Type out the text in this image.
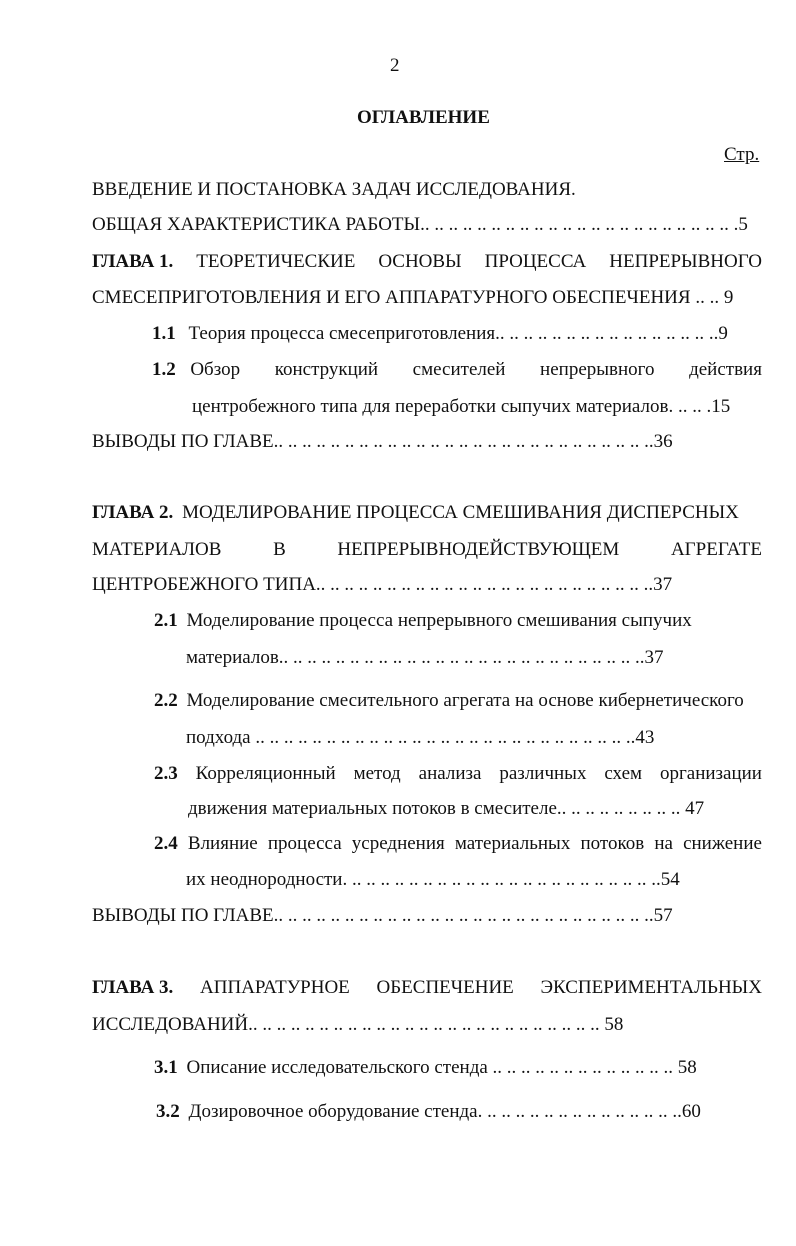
2
ОГЛАВЛЕНИЕ
Стр.
ВВЕДЕНИЕ И ПОСТАНОВКА ЗАДАЧ ИССЛЕДОВАНИЯ.
ОБЩАЯ ХАРАКТЕРИСТИКА РАБОТЫ.. .. .. .. .. .. .. .. .. .. .. .. .. .. .. .. .. .. .. .. .. .. .5
ГЛАВА 1. ТЕОРЕТИЧЕСКИЕ ОСНОВЫ ПРОЦЕССА НЕПРЕРЫВНОГО
СМЕСЕПРИГОТОВЛЕНИЯ И ЕГО АППАРАТУРНОГО ОБЕСПЕЧЕНИЯ .. .. 9
1.1 Теория процесса смесеприготовления.. .. .. .. .. .. .. .. .. .. .. .. .. .. .. ..9
1.2 Обзор конструкций смесителей непрерывного действия
центробежного типа для переработки сыпучих материалов. .. .. .15
ВЫВОДЫ ПО ГЛАВЕ.. .. .. .. .. .. .. .. .. .. .. .. .. .. .. .. .. .. .. .. .. .. .. .. .. .. ..36
ГЛАВА 2. МОДЕЛИРОВАНИЕ ПРОЦЕССА СМЕШИВАНИЯ ДИСПЕРСНЫХ
МАТЕРИАЛОВ	В	НЕПРЕРЫВНОДЕЙСТВУЮЩЕМ	АГРЕГАТЕ
ЦЕНТРОБЕЖНОГО ТИПА.. .. .. .. .. .. .. .. .. .. .. .. .. .. .. .. .. .. .. .. .. .. .. ..37
2.1 Моделирование процесса непрерывного смешивания сыпучих
материалов.. .. .. .. .. .. .. .. .. .. .. .. .. .. .. .. .. .. .. .. .. .. .. .. .. ..37
2.2 Моделирование смесительного агрегата на основе кибернетического
подхода .. .. .. .. .. .. .. .. .. .. .. .. .. .. .. .. .. .. .. .. .. .. .. .. .. .. ..43
2.3 Корреляционный метод анализа различных схем организации
движения материальных потоков в смесителе.. .. .. .. .. .. .. .. .. 47
2.4 Влияние процесса усреднения материальных потоков на снижение
их неоднородности. .. .. .. .. .. .. .. .. .. .. .. .. .. .. .. .. .. .. .. .. .. ..54
ВЫВОДЫ ПО ГЛАВЕ.. .. .. .. .. .. .. .. .. .. .. .. .. .. .. .. .. .. .. .. .. .. .. .. .. .. ..57
ГЛАВА 3. АППАРАТУРНОЕ ОБЕСПЕЧЕНИЕ ЭКСПЕРИМЕНТАЛЬНЫХ
ИССЛЕДОВАНИЙ.. .. .. .. .. .. .. .. .. .. .. .. .. .. .. .. .. .. .. .. .. .. .. .. .. 58
3.1 Описание исследовательского стенда .. .. .. .. .. .. .. .. .. .. .. .. .. 58
3.2 Дозировочное оборудование стенда. .. .. .. .. .. .. .. .. .. .. .. .. .. ..60
